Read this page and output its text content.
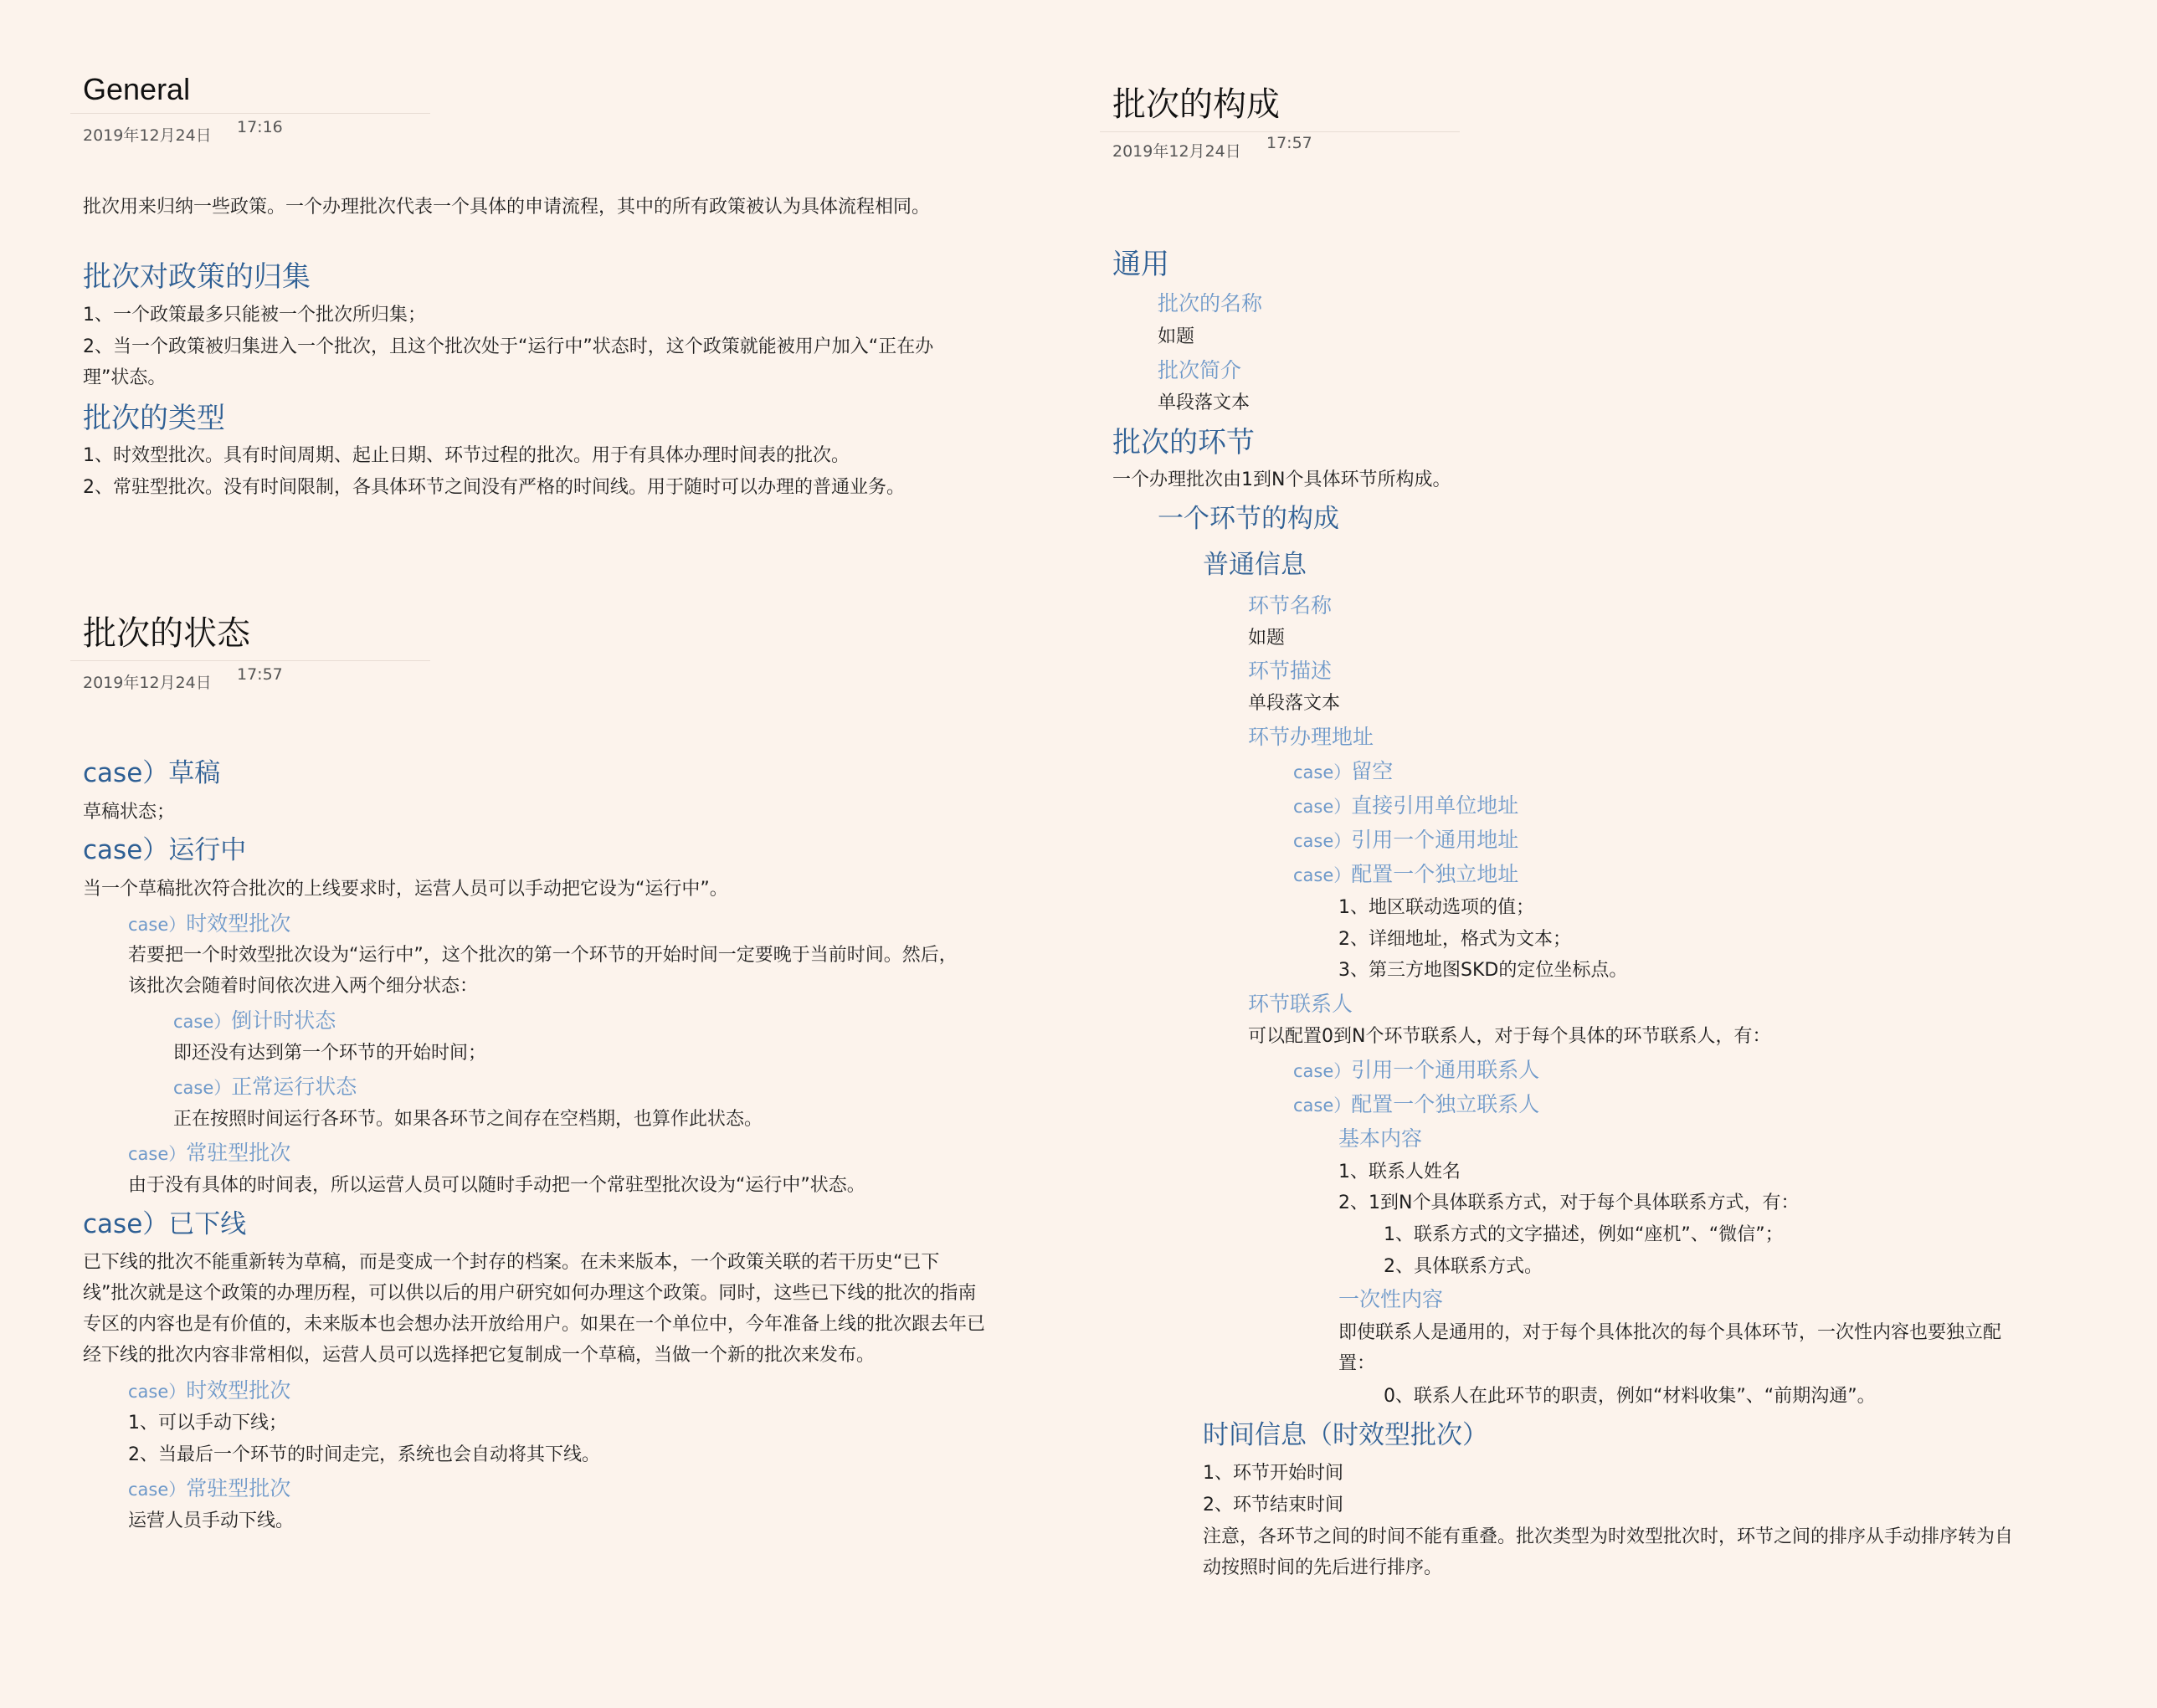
General
2019年12月24日 17:16
批次用来归纳一些政策。一个办理批次代表一个具体的申请流程，其中的所有政策被认为具体流程相同。
批次对政策的归集
1、一个政策最多只能被一个批次所归集；
2、当一个政策被归集进入一个批次，且这个批次处于“运行中”状态时，这个政策就能被用户加入“正在办理”状态。
批次的类型
1、时效型批次。具有时间周期、起止日期、环节过程的批次。用于有具体办理时间表的批次。
2、常驻型批次。没有时间限制，各具体环节之间没有严格的时间线。用于随时可以办理的普通业务。
批次的状态
2019年12月24日 17:57
case）草稿
草稿状态；
case）运行中
当一个草稿批次符合批次的上线要求时，运营人员可以手动把它设为“运行中”。
case）时效型批次
若要把一个时效型批次设为“运行中”，这个批次的第一个环节的开始时间一定要晚于当前时间。然后，该批次会随着时间依次进入两个细分状态：
case）倒计时状态
即还没有达到第一个环节的开始时间；
case）正常运行状态
正在按照时间运行各环节。如果各环节之间存在空档期，也算作此状态。
case）常驻型批次
由于没有具体的时间表，所以运营人员可以随时手动把一个常驻型批次设为“运行中”状态。
case）已下线
已下线的批次不能重新转为草稿，而是变成一个封存的档案。在未来版本，一个政策关联的若干历史“已下线”批次就是这个政策的办理历程，可以供以后的用户研究如何办理这个政策。同时，这些已下线的批次的指南专区的内容也是有价值的，未来版本也会想办法开放给用户。如果在一个单位中，今年准备上线的批次跟去年已经下线的批次内容非常相似，运营人员可以选择把它复制成一个草稿，当做一个新的批次来发布。
case）时效型批次
1、可以手动下线；
2、当最后一个环节的时间走完，系统也会自动将其下线。
case）常驻型批次
运营人员手动下线。
批次的构成
2019年12月24日 17:57
通用
批次的名称
如题
批次简介
单段落文本
批次的环节
一个办理批次由1到N个具体环节所构成。
一个环节的构成
普通信息
环节名称
如题
环节描述
单段落文本
环节办理地址
case）留空
case）直接引用单位地址
case）引用一个通用地址
case）配置一个独立地址
1、地区联动选项的值；
2、详细地址，格式为文本；
3、第三方地图SKD的定位坐标点。
环节联系人
可以配置0到N个环节联系人，对于每个具体的环节联系人，有：
case）引用一个通用联系人
case）配置一个独立联系人
基本内容
1、联系人姓名
2、1到N个具体联系方式，对于每个具体联系方式，有：
1、联系方式的文字描述，例如“座机”、“微信”；
2、具体联系方式。
一次性内容
即使联系人是通用的，对于每个具体批次的每个具体环节，一次性内容也要独立配置：
0、联系人在此环节的职责，例如“材料收集”、“前期沟通”。
时间信息（时效型批次）
1、环节开始时间
2、环节结束时间
注意，各环节之间的时间不能有重叠。批次类型为时效型批次时，环节之间的排序从手动排序转为自动按照时间的先后进行排序。
